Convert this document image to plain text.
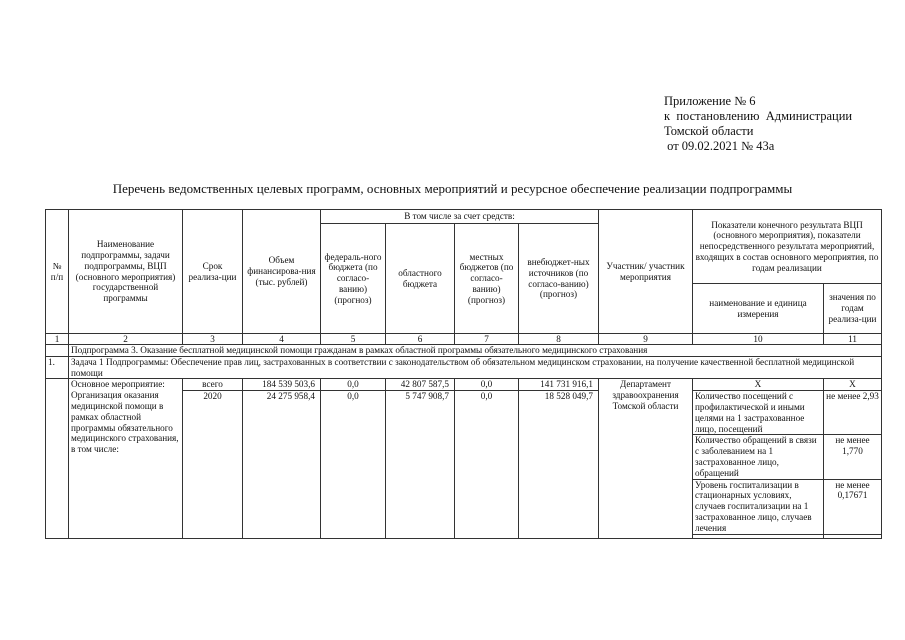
Приложение № 6
к  постановлению  Администрации
Томской области
от 09.02.2021 № 43а
Перечень ведомственных целевых программ, основных мероприятий и ресурсное обеспечение реализации подпрограммы
№ п/п	Наименование подпрограммы, задачи подпрограммы, ВЦП (основного мероприятия) государственной программы	Срок реализа-ции	Объем финансирова-ния (тыс. рублей)	В том числе за счет средств:				Участник/ участник мероприятия	Показатели конечного результата ВЦП (основного мероприятия), показатели непосредственного результата мероприятий, входящих в состав основного мероприятия, по годам реализации	
				федераль-ного бюджета (по согласо-ванию) (прогноз)	областного бюджета	местных бюджетов (по согласо-ванию) (прогноз)	внебюджет-ных источников (по согласо-ванию) (прогноз)			
									наименование и единица измерения	значения по годам реализа-ции
1	2	3	4	5	6	7	8	9	10	11
	Подпрограмма 3. Оказание бесплатной медицинской помощи гражданам в рамках областной программы обязательного медицинского страхования									
1.	Задача 1 Подпрограммы: Обеспечение прав лиц, застрахованных в соответствии с законодательством об обязательном медицинском страховании, на получение качественной бесплатной медицинской помощи									
	Основное мероприятие: Организация оказания медицинской помощи в рамках областной программы обязательного медицинского страхования, в том числе:	всего	184 539 503,6	0,0	42 807 587,5	0,0	141 731 916,1	Департамент здравоохранения Томской области	Х	Х
		2020	24 275 958,4	0,0	5 747 908,7	0,0	18 528 049,7		Количество посещений с профилактической и иными целями на 1 застрахованное лицо, посещений	не менее 2,93
									Количество обращений в связи с заболеванием на 1 застрахованное лицо, обращений	не менее 1,770
									Уровень госпитализации в стационарных условиях, случаев госпитализации на 1 застрахованное лицо, случаев лечения	не менее 0,17671
